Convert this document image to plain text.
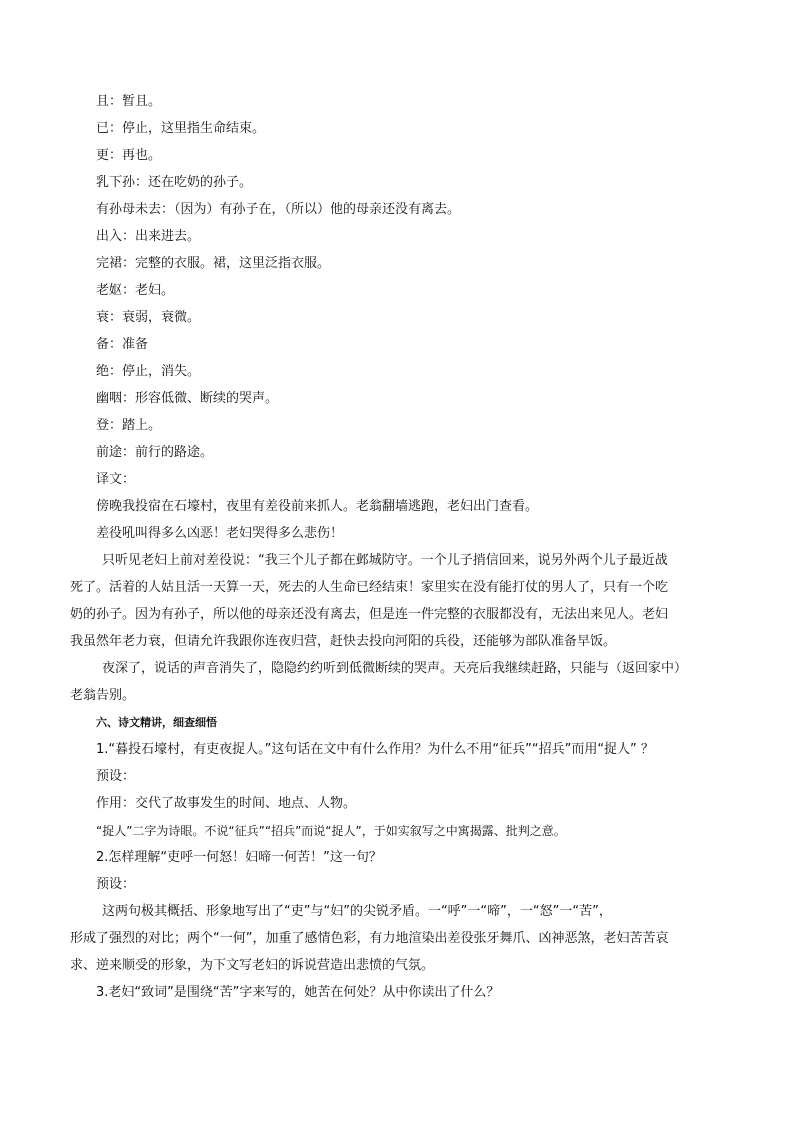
且：暂且。
已：停止，这里指生命结束。
更：再也。
乳下孙：还在吃奶的孙子。
有孙母未去：（因为）有孙子在，（所以）他的母亲还没有离去。
出入：出来进去。
完裙：完整的衣服。裙，这里泛指衣服。
老妪：老妇。
衰：衰弱，衰微。
备：准备
绝：停止，消失。
幽咽：形容低微、断续的哭声。
登：踏上。
前途：前行的路途。
译文：
傍晚我投宿在石壕村，夜里有差役前来抓人。老翁翻墙逃跑，老妇出门查看。
差役吼叫得多么凶恶！老妇哭得多么悲伤！
只听见老妇上前对差役说：“我三个儿子都在邺城防守。一个儿子捎信回来，说另外两个儿子最近战
死了。活着的人姑且活一天算一天，死去的人生命已经结束！家里实在没有能打仗的男人了，只有一个吃
奶的孙子。因为有孙子，所以他的母亲还没有离去，但是连一件完整的衣服都没有，无法出来见人。老妇
我虽然年老力衰，但请允许我跟你连夜归营，赶快去投向河阳的兵役，还能够为部队准备早饭。
夜深了，说话的声音消失了，隐隐约约听到低微断续的哭声。天亮后我继续赶路，只能与（返回家中）
老翁告别。
六、诗文精讲，细查细悟
1.“暮投石壕村，有吏夜捉人。”这句话在文中有什么作用？为什么不用“征兵”“招兵”而用“捉人” ？
预设：
作用：交代了故事发生的时间、地点、人物。
“捉人”二字为诗眼。不说“征兵”“招兵”而说“捉人”，于如实叙写之中寓揭露、批判之意。
2.怎样理解“吏呼一何怒！妇啼一何苦！”这一句？
预设：
这两句极其概括、形象地写出了“吏”与“妇”的尖锐矛盾。一“呼”一“啼”，一“怒”一“苦”，
形成了强烈的对比；两个“一何”，加重了感情色彩，有力地渲染出差役张牙舞爪、凶神恶煞，老妇苦苦哀
求、逆来顺受的形象，为下文写老妇的诉说营造出悲愤的气氛。
3.老妇“致词”是围绕“苦”字来写的，她苦在何处？从中你读出了什么？
